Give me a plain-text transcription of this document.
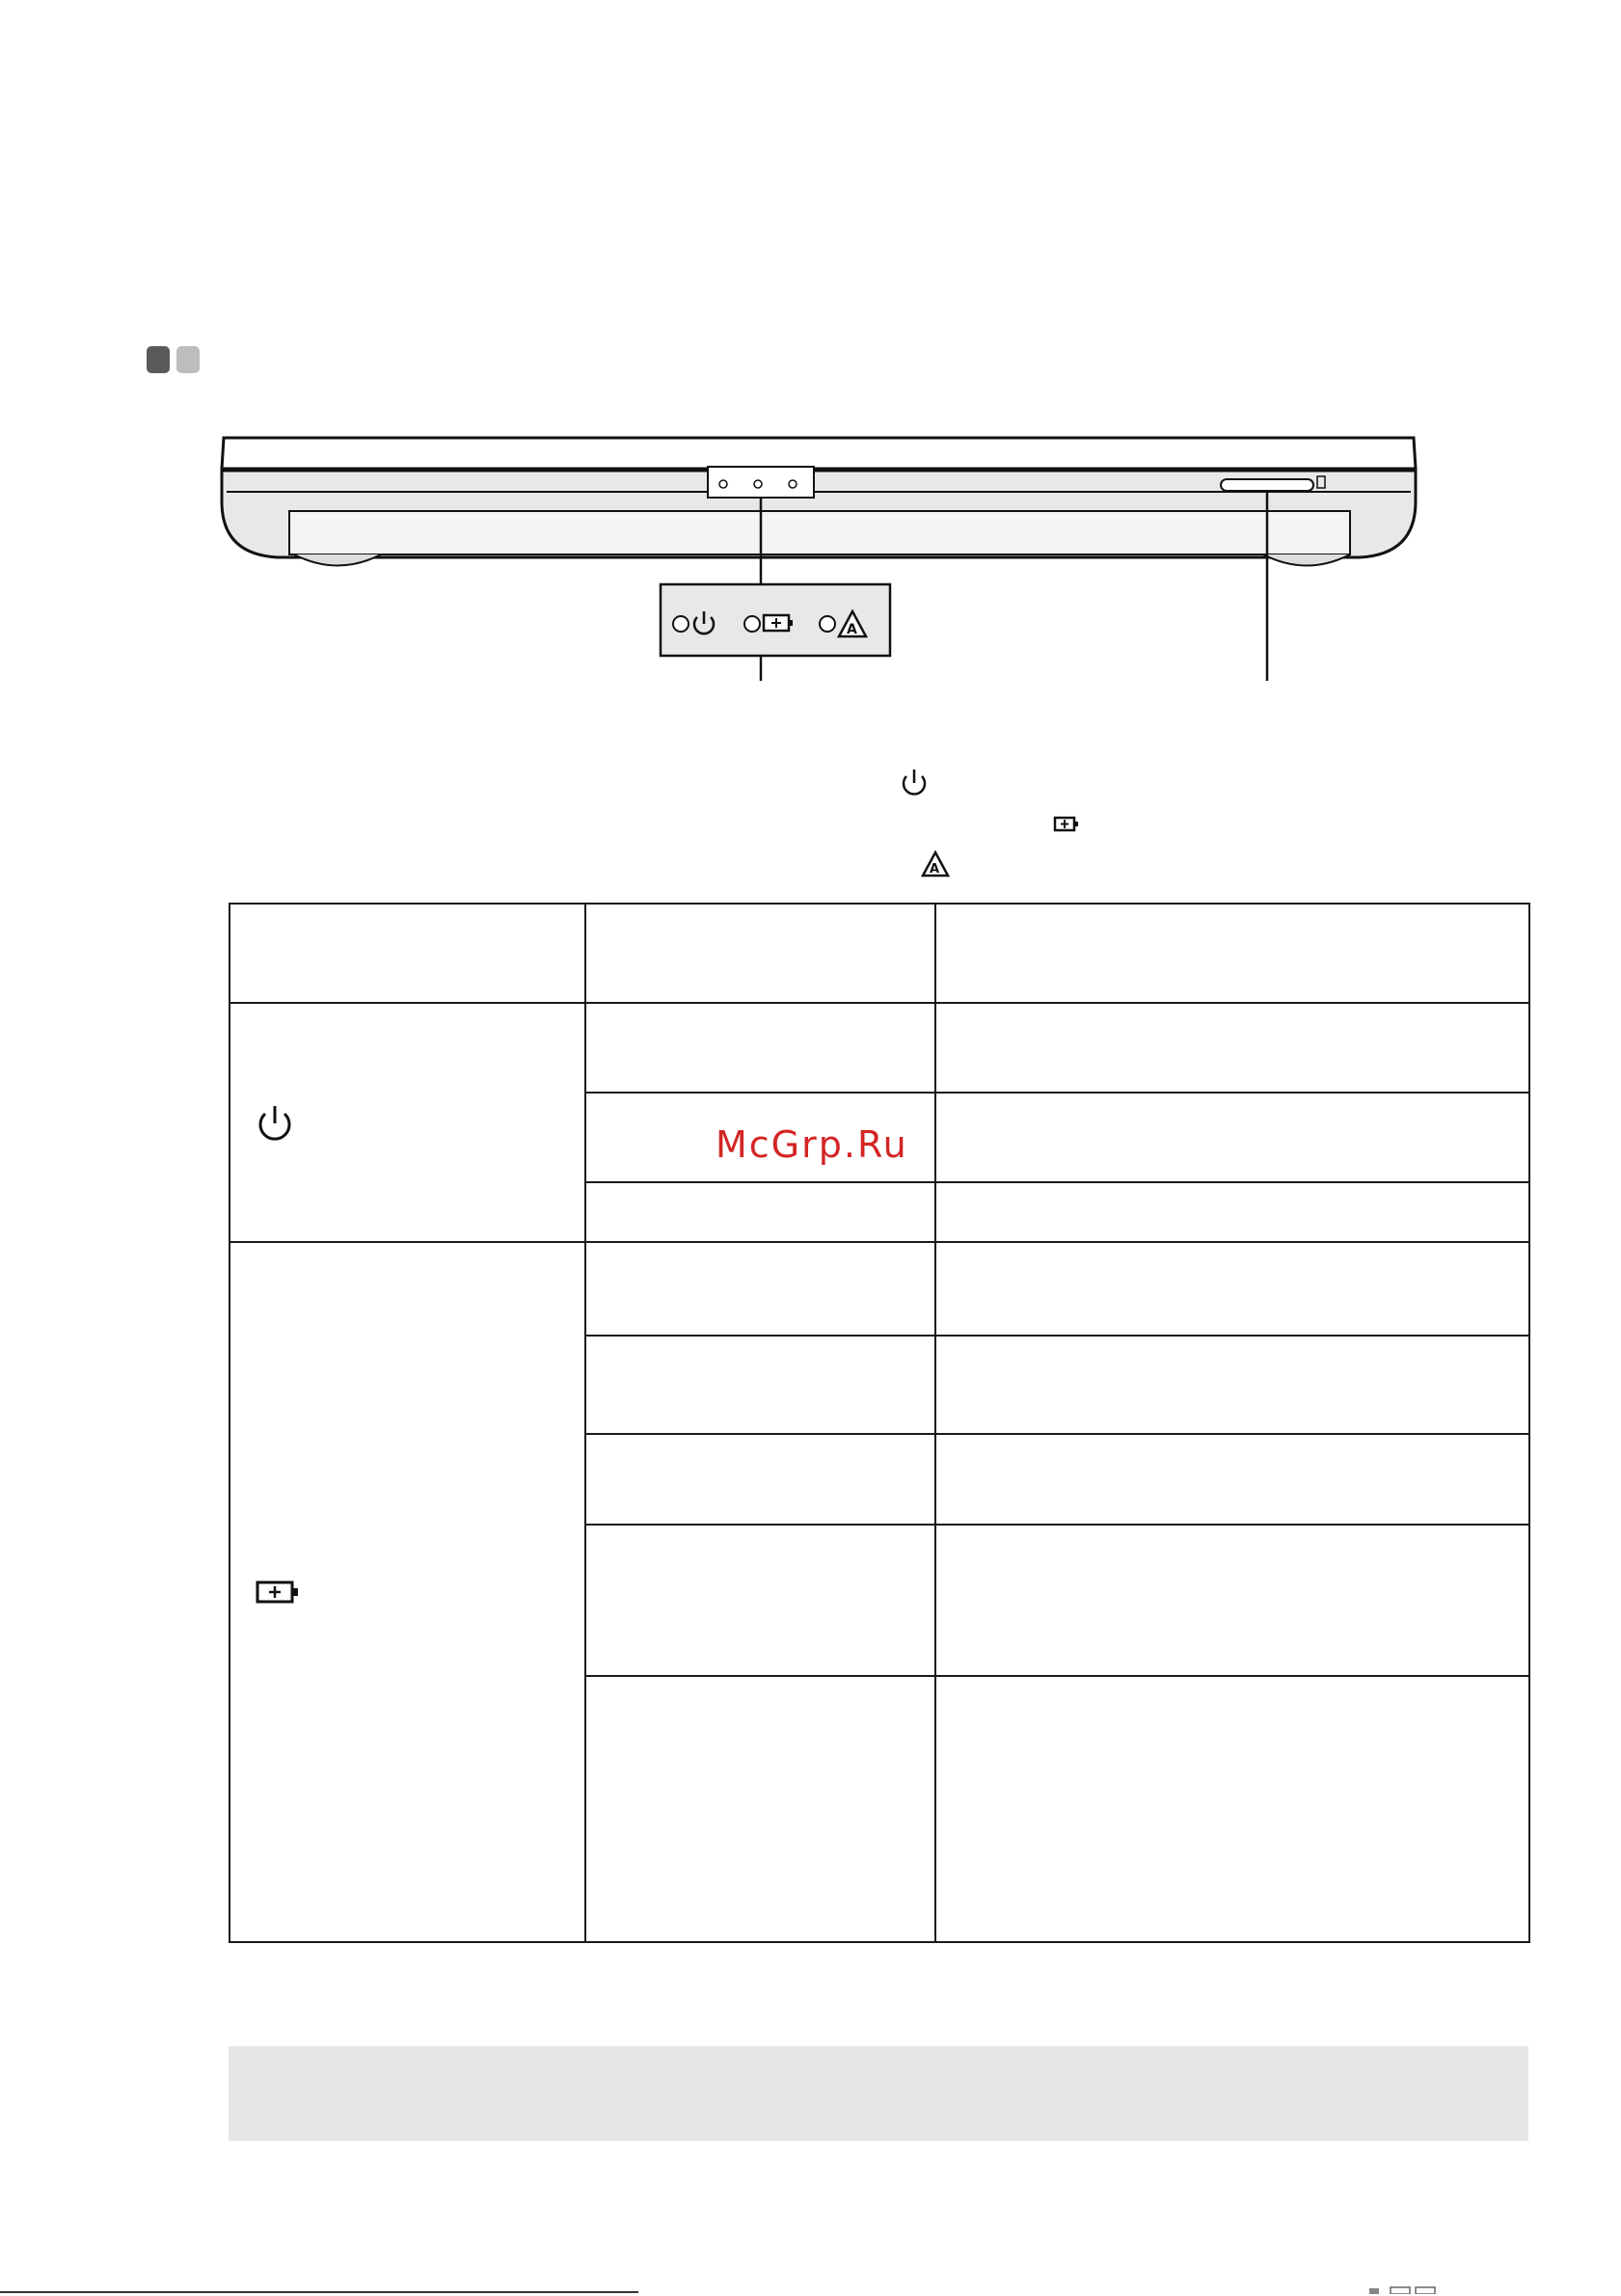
A
A

McGrp.Ru
